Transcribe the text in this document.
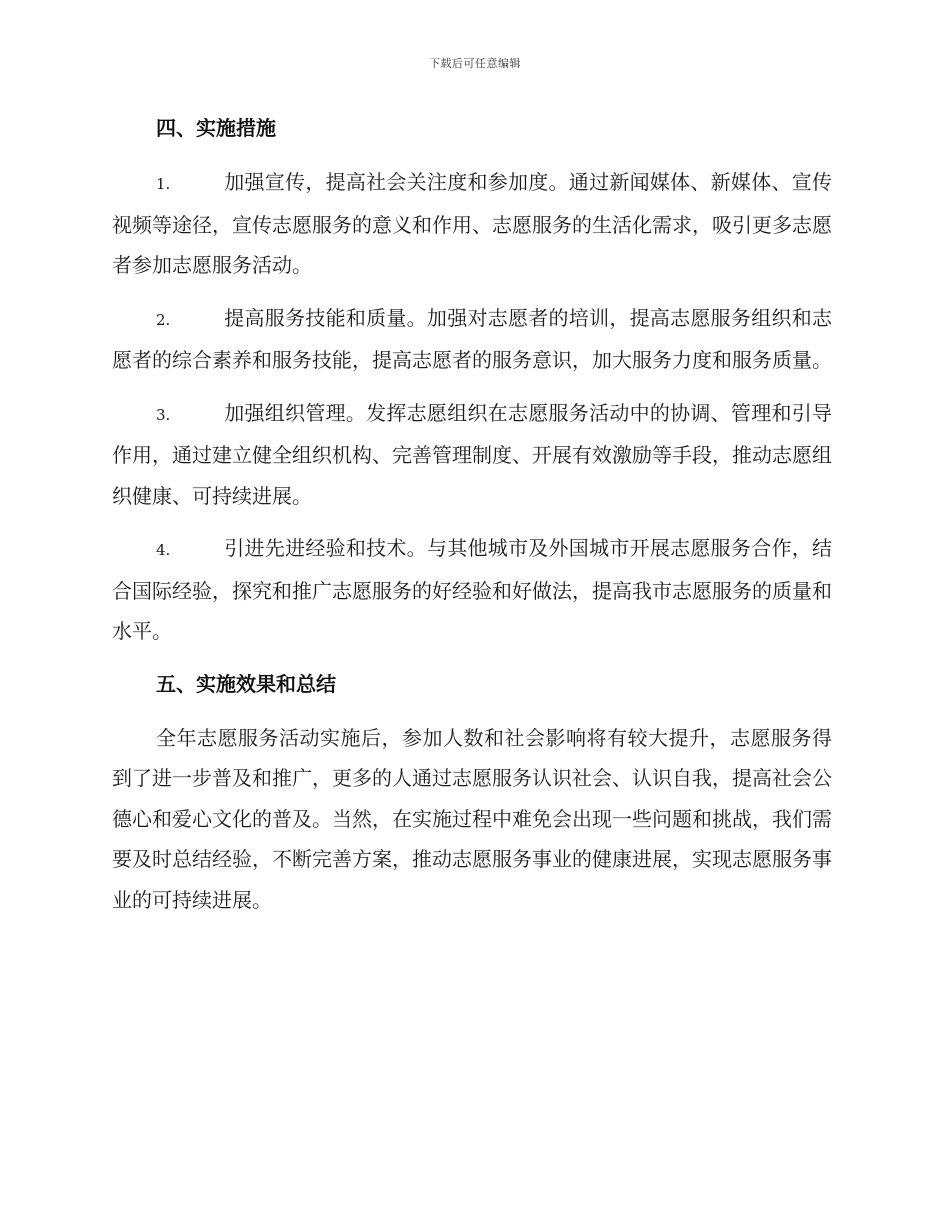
下载后可任意编辑
四、实施措施

1.	加强宣传，提高社会关注度和参加度。通过新闻媒体、新媒体、宣传视频等途径，宣传志愿服务的意义和作用、志愿服务的生活化需求，吸引更多志愿者参加志愿服务活动。

2.	提高服务技能和质量。加强对志愿者的培训，提高志愿服务组织和志愿者的综合素养和服务技能，提高志愿者的服务意识，加大服务力度和服务质量。

3.	加强组织管理。发挥志愿组织在志愿服务活动中的协调、管理和引导作用，通过建立健全组织机构、完善管理制度、开展有效激励等手段，推动志愿组织健康、可持续进展。

4.	引进先进经验和技术。与其他城市及外国城市开展志愿服务合作，结合国际经验，探究和推广志愿服务的好经验和好做法，提高我市志愿服务的质量和水平。

五、实施效果和总结

全年志愿服务活动实施后，参加人数和社会影响将有较大提升，志愿服务得到了进一步普及和推广，更多的人通过志愿服务认识社会、认识自我，提高社会公德心和爱心文化的普及。当然，在实施过程中难免会出现一些问题和挑战，我们需要及时总结经验，不断完善方案，推动志愿服务事业的健康进展，实现志愿服务事业的可持续进展。
